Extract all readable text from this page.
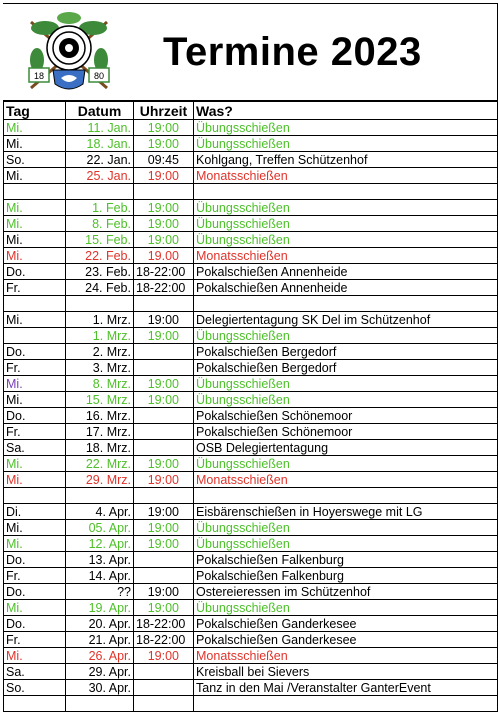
18	80
Termine 2023
Tag	Datum	Uhrzeit	Was?
Mi.	11. Jan.	19:00	Übungsschießen
Mi.	18. Jan.	19:00	Übungsschießen
So.	22. Jan.	09:45	Kohlgang, Treffen Schützenhof
Mi.	25. Jan.	19:00	Monatsschießen

Mi.	1. Feb.	19:00	Übungsschießen
Mi.	8. Feb.	19:00	Übungsschießen
Mi.	15. Feb.	19:00	Übungsschießen
Mi.	22. Feb.	19.00	Monatsschießen
Do.	23. Feb.	18-22:00	Pokalschießen Annenheide
Fr.	24. Feb.	18-22:00	Pokalschießen Annenheide

Mi.	1. Mrz.	19:00	Delegiertentagung SK Del im Schützenhof
	1. Mrz.	19:00	Übungsschießen
Do.	2. Mrz.		Pokalschießen Bergedorf
Fr.	3. Mrz.		Pokalschießen Bergedorf
Mi.	8. Mrz.	19:00	Übungsschießen
Mi.	15. Mrz.	19:00	Übungsschießen
Do.	16. Mrz.		Pokalschießen Schönemoor
Fr.	17. Mrz.		Pokalschießen Schönemoor
Sa.	18. Mrz.		OSB Delegiertentagung
Mi.	22. Mrz.	19:00	Übungsschießen
Mi.	29. Mrz.	19:00	Monatsschießen

Di.	4. Apr.	19:00	Eisbärenschießen in Hoyerswege mit LG
Mi.	05. Apr.	19:00	Übungsschießen
Mi.	12. Apr.	19:00	Übungsschießen
Do.	13. Apr.		Pokalschießen Falkenburg
Fr.	14. Apr.		Pokalschießen Falkenburg
Do.	??	19:00	Ostereieressen im Schützenhof
Mi.	19. Apr.	19:00	Übungsschießen
Do.	20. Apr.	18-22:00	Pokalschießen Ganderkesee
Fr.	21. Apr.	18-22:00	Pokalschießen Ganderkesee
Mi.	26. Apr.	19:00	Monatsschießen
Sa.	29. Apr.		Kreisball bei Sievers
So.	30. Apr.		Tanz in den Mai /Veranstalter GanterEvent
